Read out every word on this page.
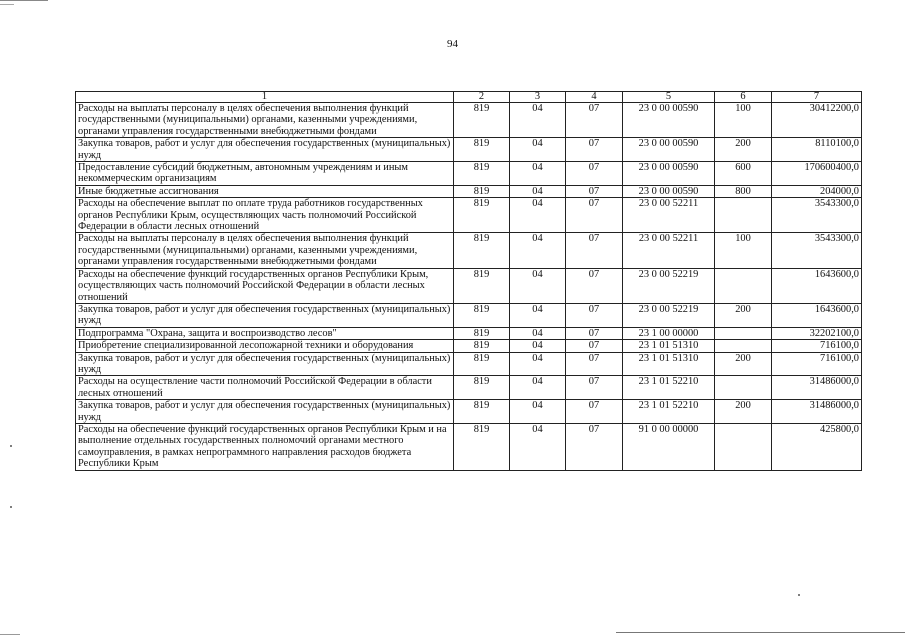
94
1	2	3	4	5	6	7
Расходы на выплаты персоналу в целях обеспечения выполнения функций государственными (муниципальными) органами, казенными учреждениями, органами управления государственными внебюджетными фондами	819	04	07	23 0 00 00590	100	30412200,0
Закупка товаров, работ и услуг для обеспечения государственных (муниципальных) нужд	819	04	07	23 0 00 00590	200	8110100,0
Предоставление субсидий бюджетным, автономным учреждениям и иным некоммерческим организациям	819	04	07	23 0 00 00590	600	170600400,0
Иные бюджетные ассигнования	819	04	07	23 0 00 00590	800	204000,0
Расходы на обеспечение выплат по оплате труда работников государственных органов Республики Крым, осуществляющих часть полномочий Российской Федерации в области лесных отношений	819	04	07	23 0 00 52211		3543300,0
Расходы на выплаты персоналу в целях обеспечения выполнения функций государственными (муниципальными) органами, казенными учреждениями, органами управления государственными внебюджетными фондами	819	04	07	23 0 00 52211	100	3543300,0
Расходы на обеспечение функций государственных органов Республики Крым, осуществляющих часть полномочий Российской Федерации в области лесных отношений	819	04	07	23 0 00 52219		1643600,0
Закупка товаров, работ и услуг для обеспечения государственных (муниципальных) нужд	819	04	07	23 0 00 52219	200	1643600,0
Подпрограмма "Охрана, защита и воспроизводство лесов"	819	04	07	23 1 00 00000		32202100,0
Приобретение специализированной лесопожарной техники и оборудования	819	04	07	23 1 01 51310		716100,0
Закупка товаров, работ и услуг для обеспечения государственных (муниципальных) нужд	819	04	07	23 1 01 51310	200	716100,0
Расходы на осуществление части полномочий Российской Федерации в области лесных отношений	819	04	07	23 1 01 52210		31486000,0
Закупка товаров, работ и услуг для обеспечения государственных (муниципальных) нужд	819	04	07	23 1 01 52210	200	31486000,0
Расходы на обеспечение функций государственных органов Республики Крым и на выполнение отдельных государственных полномочий органами местного самоуправления, в рамках непрограммного направления расходов бюджета Республики Крым	819	04	07	91 0 00 00000		425800,0
